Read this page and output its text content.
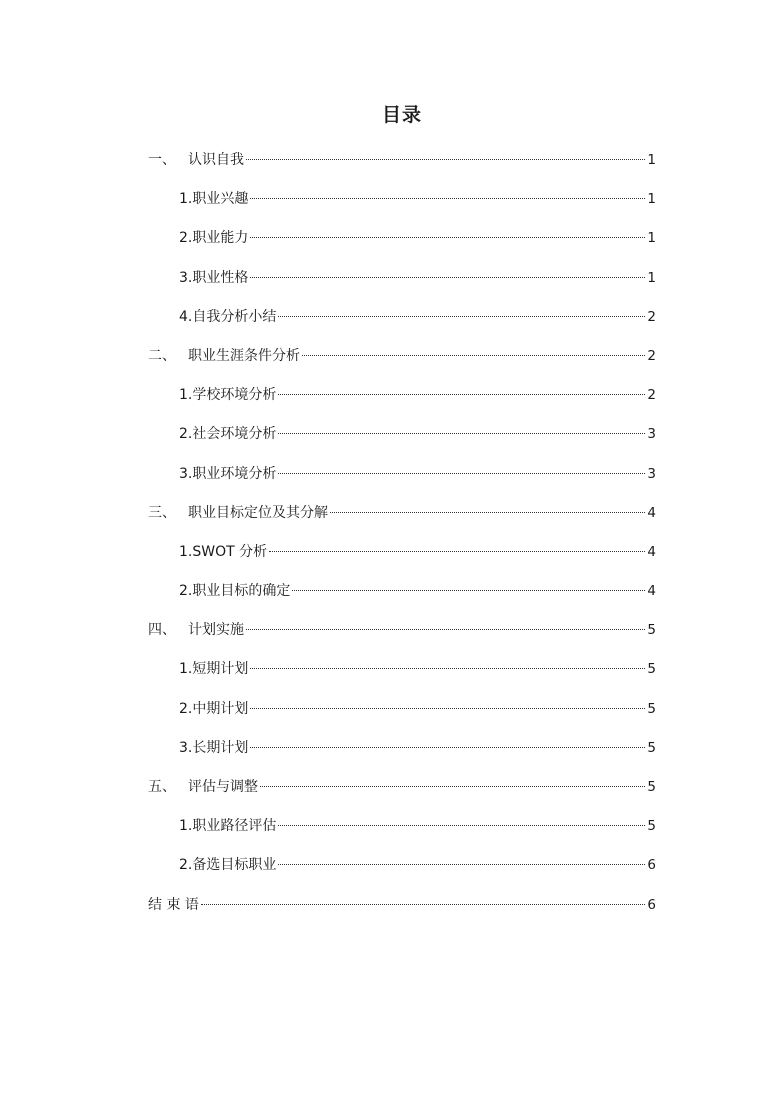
目录
一、 认识自我	1
1. 职业兴趣	1
2. 职业能力	1
3. 职业性格	1
4. 自我分析小结	2
二、 职业生涯条件分析	2
1. 学校环境分析	2
2. 社会环境分析	3
3. 职业环境分析	3
三、 职业目标定位及其分解	4
1. SWOT 分析	4
2. 职业目标的确定	4
四、 计划实施	5
1. 短期计划	5
2. 中期计划	5
3. 长期计划	5
五、 评估与调整	5
1. 职业路径评估	5
2. 备选目标职业	6
结 束 语	6
